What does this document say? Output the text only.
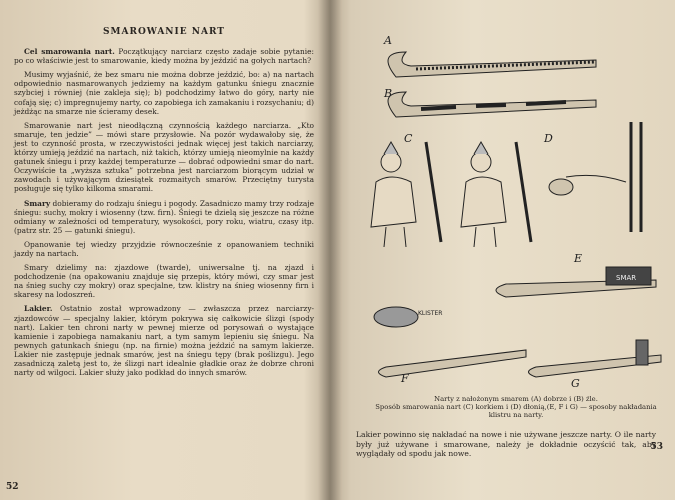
SMAROWANIE NART
Cel smarowania nart. Początkujący narciarz często zadaje sobie pytanie: po co właściwie jest to smarowanie, kiedy można by jeździć na gołych nartach?
Musimy wyjaśnić, że bez smaru nie można dobrze jeździć, bo: a) na nartach odpowiednio nasmarowanych jedziemy na każdym gatunku śniegu znacznie szybciej i równiej (nie zakleja się); b) podchodzimy łatwo do góry, narty nie cofają się; c) impregnujemy narty, co zapobiega ich zamakaniu i rozsychaniu; d) jeżdżąc na smarze nie ścieramy desek.
Smarowanie nart jest nieodłączną czynnością każdego narciarza. „Kto smaruje, ten jedzie” — mówi stare przysłowie. Na pozór wydawałoby się, że jest to czynność prosta, w rzeczywistości jednak więcej jest takich narciarzy, którzy umieją jeździć na nartach, niż takich, którzy umieją nieomylnie na każdy gatunek śniegu i przy każdej temperaturze — dobrać odpowiedni smar do nart. Oczywiście ta „wyższa sztuka” potrzebna jest narciarzom biorącym udział w zawodach i używającym dziesiątek rozmaitych smarów. Przeciętny turysta posługuje się tylko kilkoma smarami.
Smary dobieramy do rodzaju śniegu i pogody. Zasadniczo mamy trzy rodzaje śniegu: suchy, mokry i wiosenny (tzw. firn). Śniegi te dzielą się jeszcze na różne odmiany w zależności od temperatury, wysokości, pory roku, wiatru, czasy itp. (patrz str. 25 — gatunki śniegu).
Opanowanie tej wiedzy przyjdzie równocześnie z opanowaniem techniki jazdy na nartach.
Smary dzielimy na: zjazdowe (twarde), uniwersalne tj. na zjazd i podchodzenie (na opakowaniu znajduje się przepis, który mówi, czy smar jest na śnieg suchy czy mokry) oraz specjalne, tzw. klistry na śnieg wiosenny firn i skaresy na lodoszreń.
Lakier. Ostatnio został wprowadzony — zwłaszcza przez narciarzy-zjazdowców — specjalny lakier, którym pokrywa się całkowicie ślizgi (spody nart). Lakier ten chroni narty w pewnej mierze od porysowań o wystające kamienie i zapobiega namakaniu nart, a tym samym lepieniu się śniegu. Na pewnych gatunkach śniegu (np. na firnie) można jeździć na samym lakierze. Lakier nie zastępuje jednak smarów, jest na śniegu tępy (brak poślizgu). Jego zasadniczą zaletą jest to, że ślizgi nart idealnie gładkie oraz że dobrze chroni narty od wilgoci. Lakier służy jako podkład do innych smarów.
52
A
B
C	D
SMAR
E
F	G
KLISTER
Narty z nałożonym smarem (A) dobrze i (B) źle.
Sposób smarowania nart (C) korkiem i (D) dłonią,(E, F i G) — sposoby nakładania klistru na narty.
Lakier powinno się nakładać na nowe i nie używane jeszcze narty. O ile narty były już używane i smarowane, należy je dokładnie oczyścić tak, aby wyglądały od spodu jak nowe.
53
